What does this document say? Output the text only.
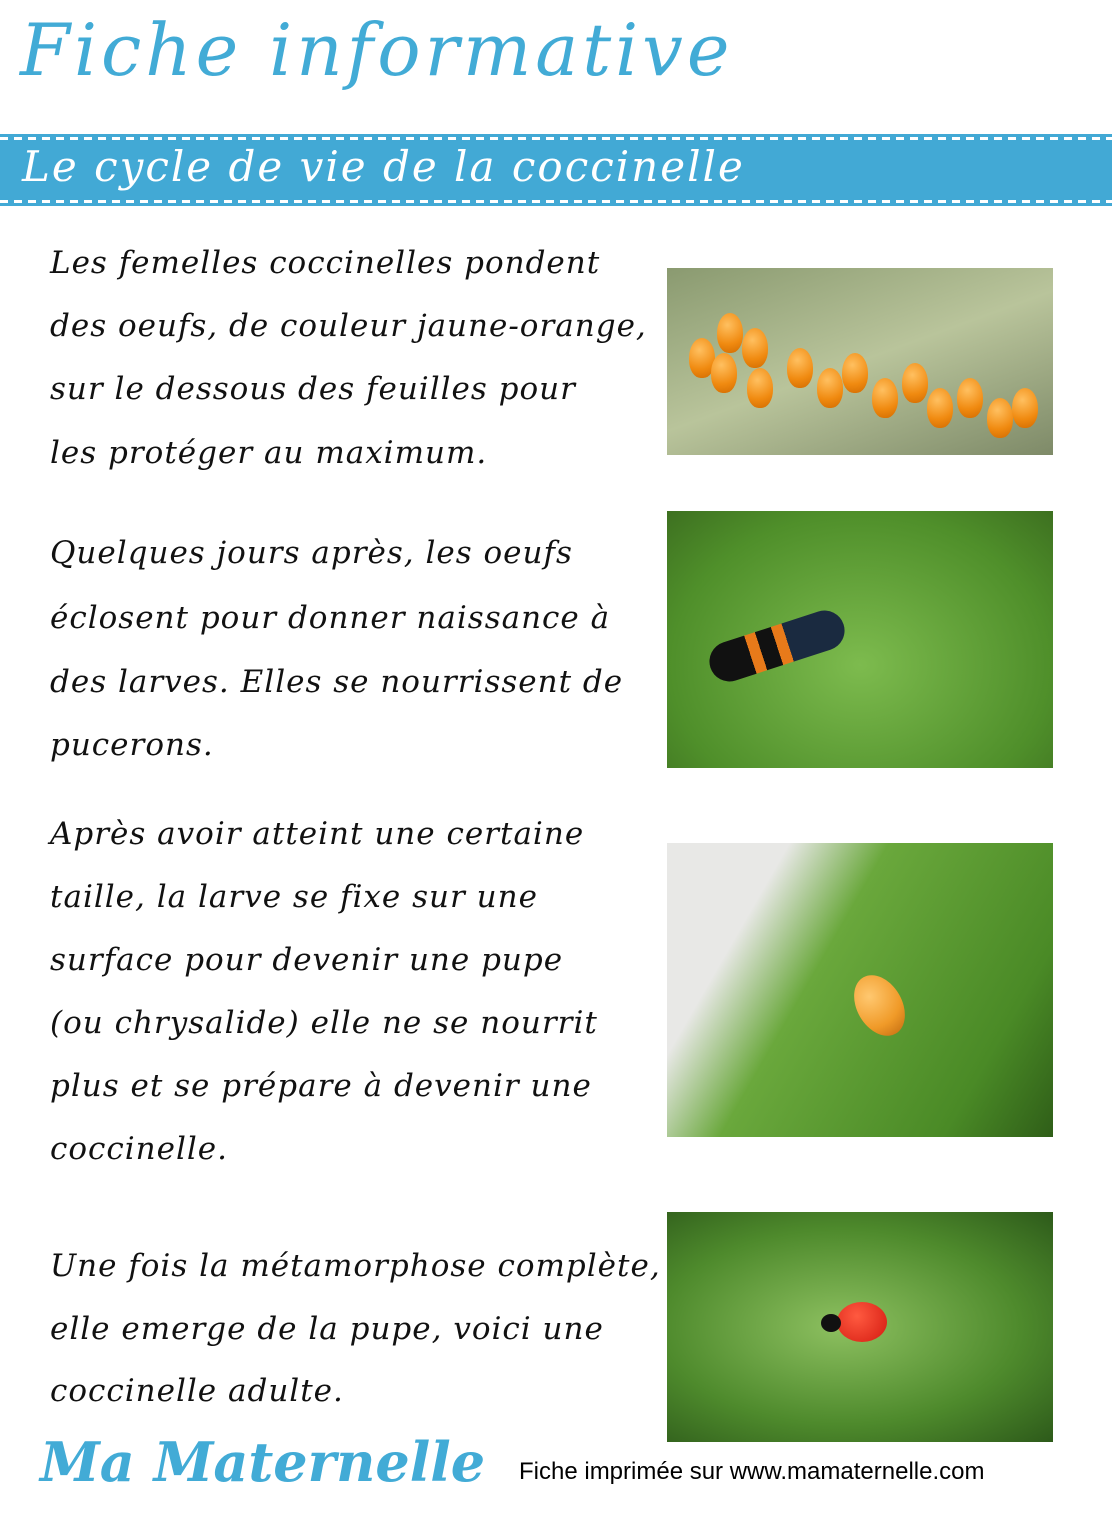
Fiche informative
Le cycle de vie de la coccinelle
Les femelles coccinelles pondent
des oeufs, de couleur jaune-orange,
sur le dessous des feuilles pour
les protéger au maximum.
Quelques jours après, les oeufs
éclosent pour donner naissance à
des larves. Elles se nourrissent de
pucerons.
Après avoir atteint une certaine
taille, la larve se fixe sur une
surface pour devenir une pupe
(ou chrysalide) elle ne se nourrit
plus et se prépare à devenir une
coccinelle.
Une fois la métamorphose complète,
elle emerge de la pupe, voici une
coccinelle adulte.
Ma Maternelle Fiche imprimée sur www.mamaternelle.com
